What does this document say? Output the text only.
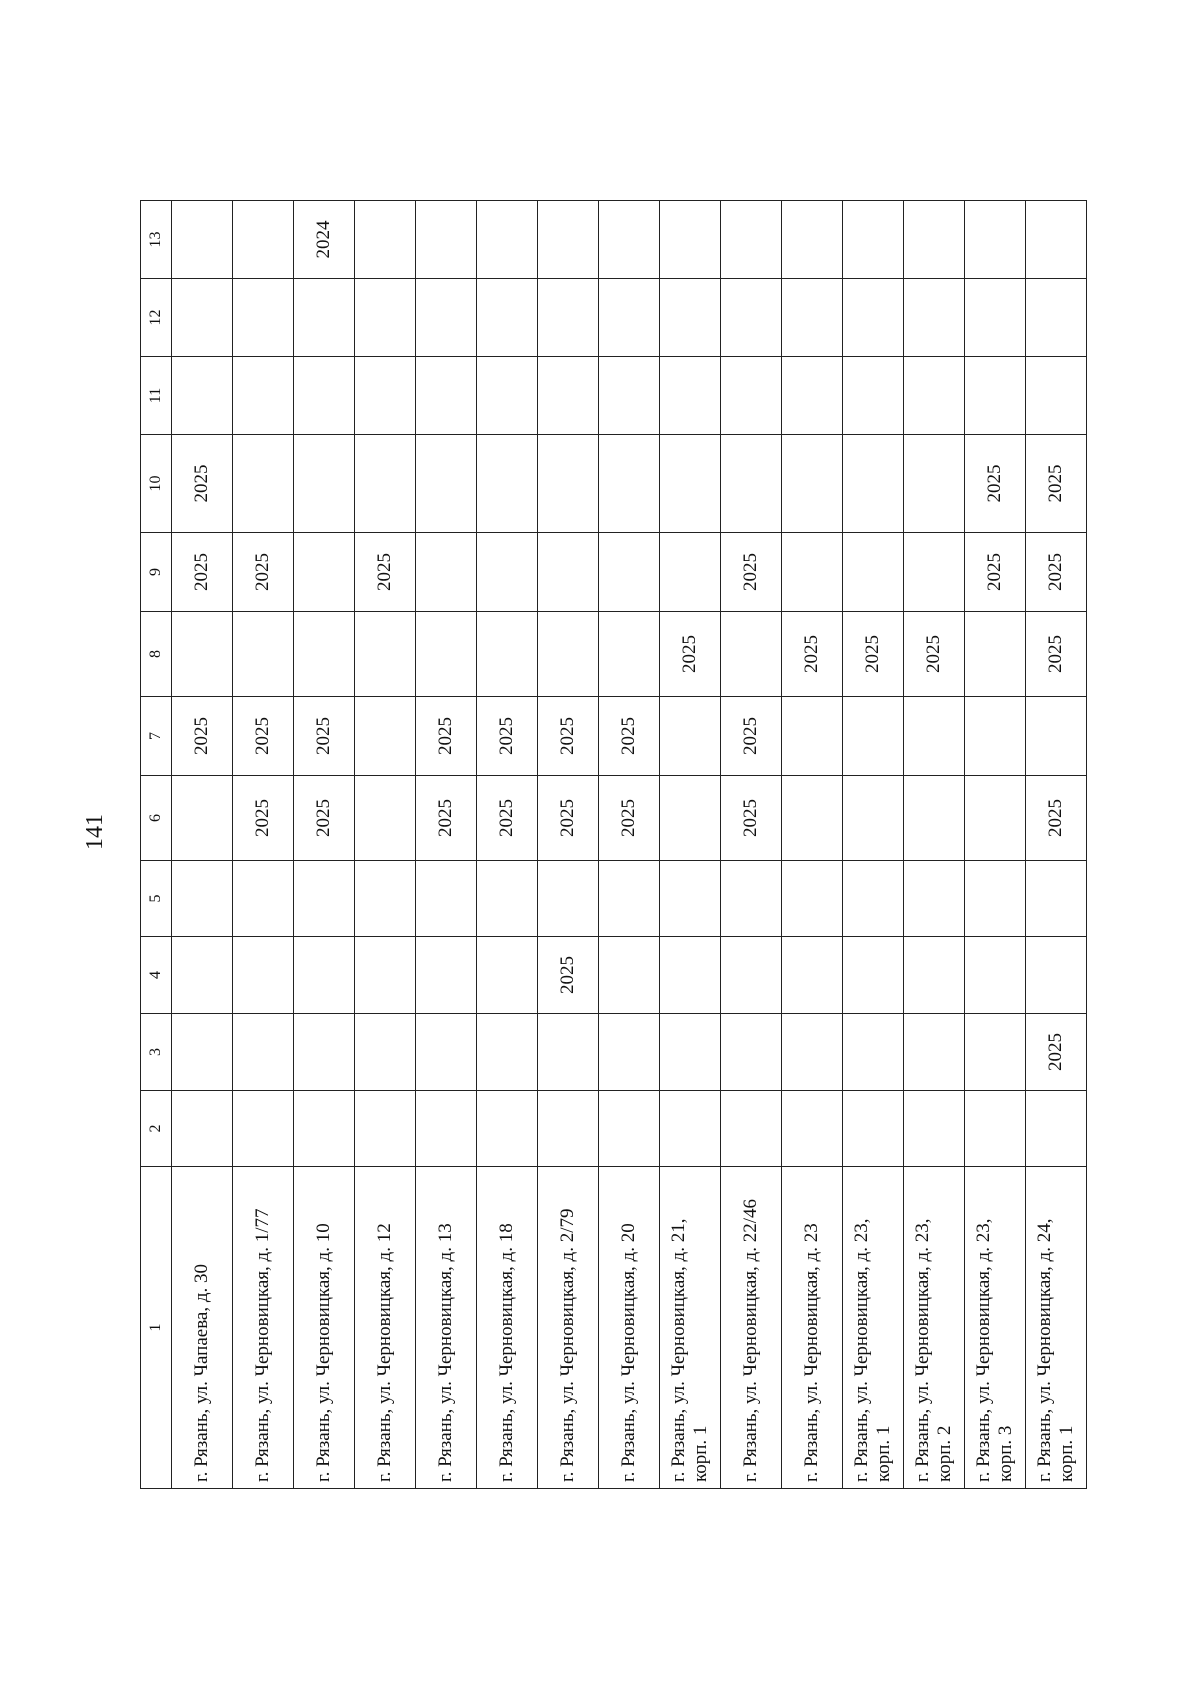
141
1	2	3	4	5	6	7	8	9	10	11	12	13
г. Рязань, ул. Чапаева, д. 30						2025		2025	2025			
г. Рязань, ул. Черновицкая, д. 1/77					2025	2025		2025				
г. Рязань, ул. Черновицкая, д. 10					2025	2025						2024
г. Рязань, ул. Черновицкая, д. 12								2025				
г. Рязань, ул. Черновицкая, д. 13					2025	2025						
г. Рязань, ул. Черновицкая, д. 18					2025	2025						
г. Рязань, ул. Черновицкая, д. 2/79			2025		2025	2025						
г. Рязань, ул. Черновицкая, д. 20					2025	2025						
г. Рязань, ул. Черновицкая, д. 21, корп. 1							2025					
г. Рязань, ул. Черновицкая, д. 22/46					2025	2025		2025				
г. Рязань, ул. Черновицкая, д. 23							2025					
г. Рязань, ул. Черновицкая, д. 23, корп. 1							2025					
г. Рязань, ул. Черновицкая, д. 23, корп. 2							2025					
г. Рязань, ул. Черновицкая, д. 23, корп. 3								2025	2025			
г. Рязань, ул. Черновицкая, д. 24, корп. 1		2025			2025		2025	2025	2025			
